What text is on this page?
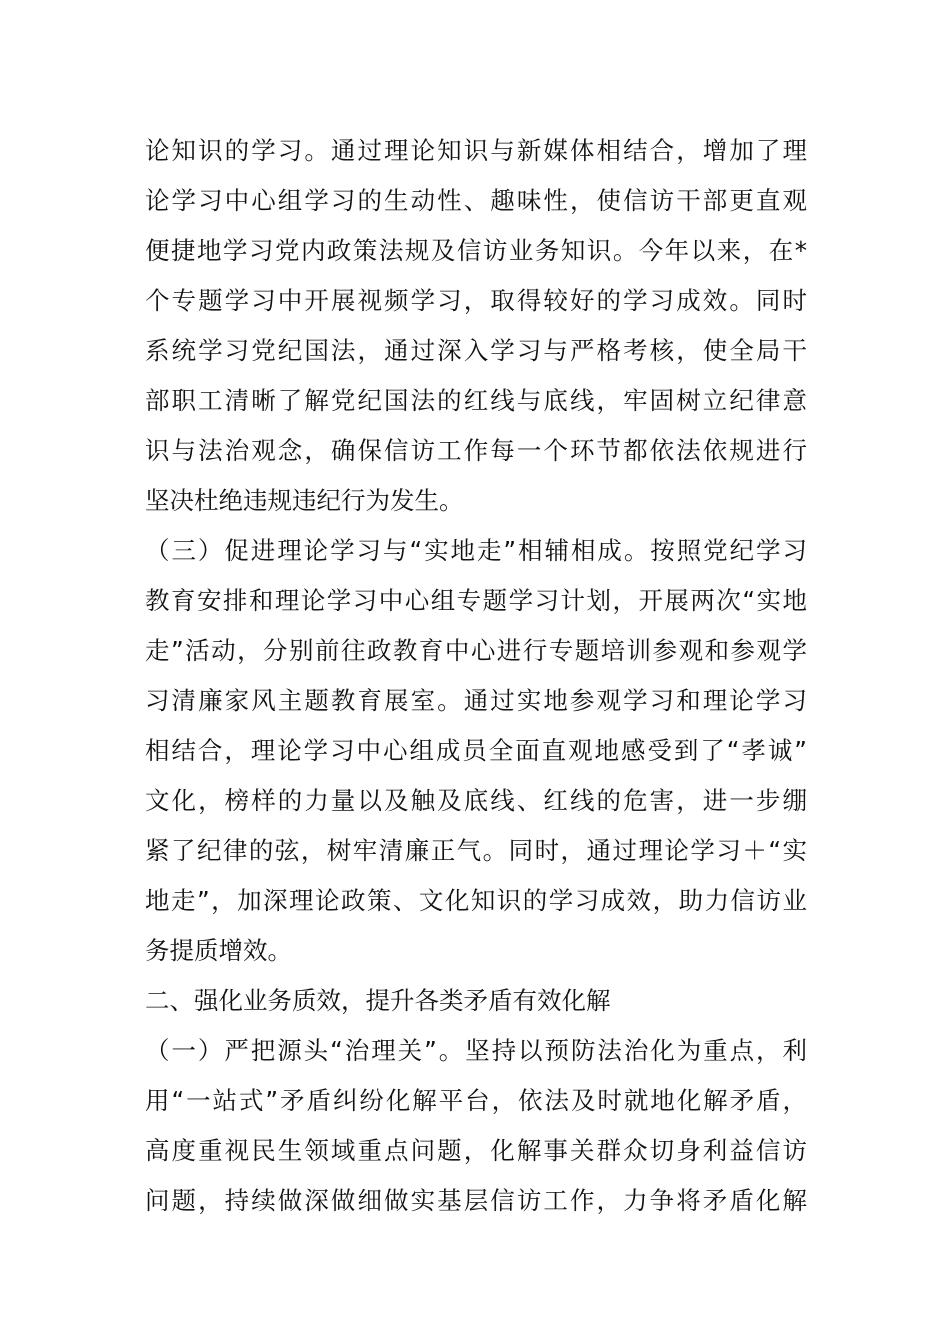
论知识的学习。通过理论知识与新媒体相结合，增加了理
论学习中心组学习的生动性、趣味性，使信访干部更直观
便捷地学习党内政策法规及信访业务知识。今年以来，在*
个专题学习中开展视频学习，取得较好的学习成效。同时
系统学习党纪国法，通过深入学习与严格考核，使全局干
部职工清晰了解党纪国法的红线与底线，牢固树立纪律意
识与法治观念，确保信访工作每一个环节都依法依规进行
坚决杜绝违规违纪行为发生。
（三）促进理论学习与“实地走”相辅相成。按照党纪学习
教育安排和理论学习中心组专题学习计划，开展两次“实地
走”活动，分别前往政教育中心进行专题培训参观和参观学
习清廉家风主题教育展室。通过实地参观学习和理论学习
相结合，理论学习中心组成员全面直观地感受到了“孝诚”
文化，榜样的力量以及触及底线、红线的危害，进一步绷
紧了纪律的弦，树牢清廉正气。同时，通过理论学习＋“实
地走”，加深理论政策、文化知识的学习成效，助力信访业
务提质增效。
二、强化业务质效，提升各类矛盾有效化解
（一）严把源头“治理关”。坚持以预防法治化为重点，利
用“一站式”矛盾纠纷化解平台，依法及时就地化解矛盾，
高度重视民生领域重点问题，化解事关群众切身利益信访
问题，持续做深做细做实基层信访工作，力争将矛盾化解
